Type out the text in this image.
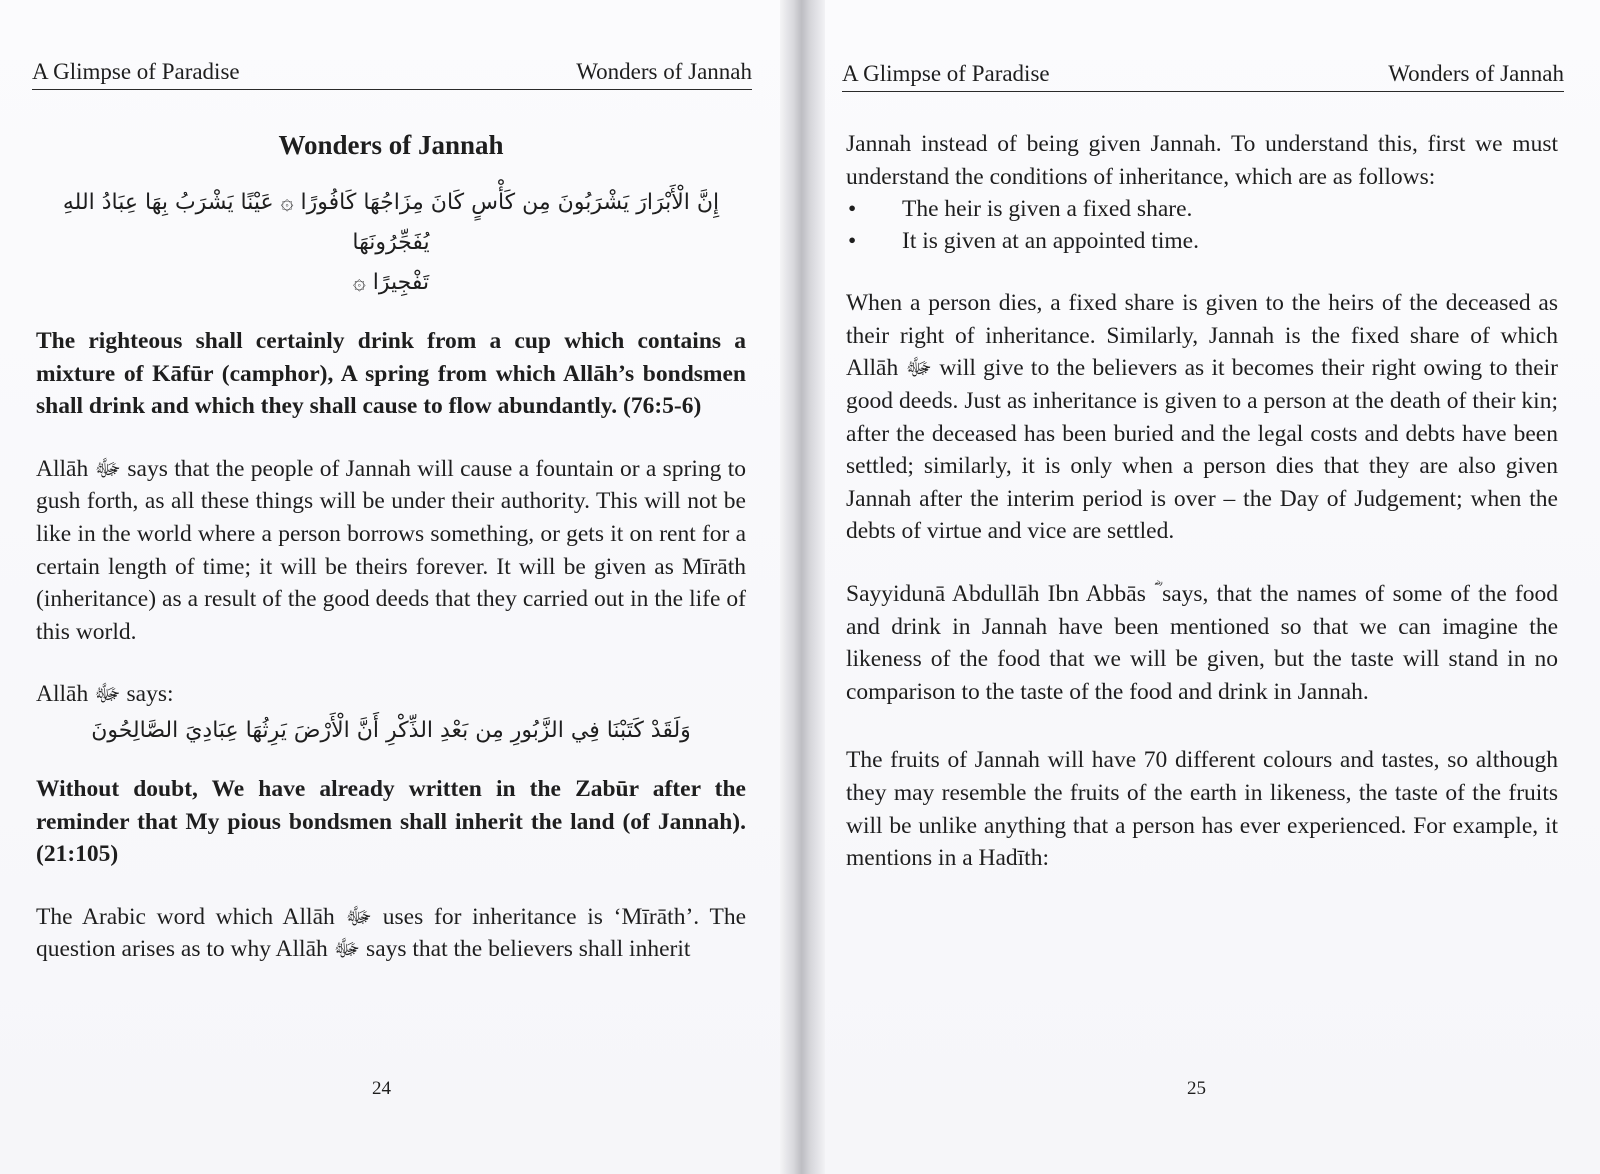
A Glimpse of Paradise	Wonders of Jannah
Wonders of Jannah

إِنَّ الْأَبْرَارَ يَشْرَبُونَ مِن كَأْسٍ كَانَ مِزَاجُهَا كَافُورًا ۞ عَيْنًا يَشْرَبُ بِهَا عِبَادُ اللهِ يُفَجِّرُونَهَا

تَفْجِيرًا ۞

The righteous shall certainly drink from a cup which contains a mixture of Kāfūr (camphor), A spring from which Allāh’s bondsmen shall drink and which they shall cause to flow abundantly. (76:5-6)

Allāh ﷻ says that the people of Jannah will cause a fountain or a spring to gush forth, as all these things will be under their authority. This will not be like in the world where a person borrows something, or gets it on rent for a certain length of time; it will be theirs forever. It will be given as Mīrāth (inheritance) as a result of the good deeds that they carried out in the life of this world.

Allāh ﷻ says:

وَلَقَدْ كَتَبْنَا فِي الزَّبُورِ مِن بَعْدِ الذِّكْرِ أَنَّ الْأَرْضَ يَرِثُهَا عِبَادِيَ الصَّالِحُونَ

Without doubt, We have already written in the Zabūr after the reminder that My pious bondsmen shall inherit the land (of Jannah). (21:105)

The Arabic word which Allāh ﷻ uses for inheritance is ‘Mīrāth’. The question arises as to why Allāh ﷻ says that the believers shall inherit

24
A Glimpse of Paradise	Wonders of Jannah

Jannah instead of being given Jannah. To understand this, first we must understand the conditions of inheritance, which are as follows:

•	The heir is given a fixed share.
•	It is given at an appointed time.

When a person dies, a fixed share is given to the heirs of the deceased as their right of inheritance. Similarly, Jannah is the fixed share of which Allāh ﷻ will give to the believers as it becomes their right owing to their good deeds. Just as inheritance is given to a person at the death of their kin; after the deceased has been buried and the legal costs and debts have been settled; similarly, it is only when a person dies that they are also given Jannah after the interim period is over – the Day of Judgement; when the debts of virtue and vice are settled.

Sayyidunā Abdullāh Ibn Abbās ؓ says, that the names of some of the food and drink in Jannah have been mentioned so that we can imagine the likeness of the food that we will be given, but the taste will stand in no comparison to the taste of the food and drink in Jannah.

The fruits of Jannah will have 70 different colours and tastes, so although they may resemble the fruits of the earth in likeness, the taste of the fruits will be unlike anything that a person has ever experienced. For example, it mentions in a Hadīth:

25
